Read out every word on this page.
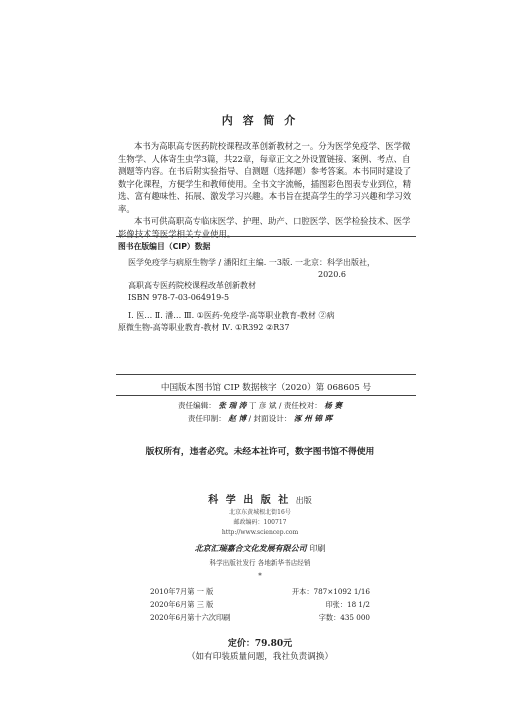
内 容 简 介

本书为高职高专医药院校课程改革创新教材之一。分为医学免疫学、医学微生物学、人体寄生虫学3篇，共22章，每章正文之外设置链接、案例、考点、自测题等内容。在书后附实验指导、自测题（选择题）参考答案。本书同时建设了数字化课程，方便学生和教师使用。全书文字流畅，插图彩色图表专业到位，精选、富有趣味性、拓展、激发学习兴趣。本书旨在提高学生的学习兴趣和学习效率。

本书可供高职高专临床医学、护理、助产、口腔医学、医学检验技术、医学影像技术等医学相关专业使用。

图书在版编目（CIP）数据
医学免疫学与病原生物学 / 潘阳红主编. 一3版. 一北京：科学出版社，
2020.6
高职高专医药院校课程改革创新教材
ISBN 978-7-03-064919-5
Ⅰ. 医… Ⅱ. 潘… Ⅲ. ①医药-免疫学-高等职业教育-教材 ②病
原微生物-高等职业教育-教材 Ⅳ. ①R392 ②R37
中国版本图书馆 CIP 数据核字（2020）第 068605 号
责任编辑： 张 瑞 涛 丁 彦 斌 / 责任校对： 杨 赛
责任印制： 赵 博 / 封面设计： 涿 州 锦 晖
版权所有，违者必究。未经本社许可，数字图书馆不得使用
科 学 出 版 社 出版
北京东黄城根北街16号
邮政编码：100717
http://www.sciencep.com
北京汇瑞嘉合文化发展有限公司 印刷
科学出版社发行 各地新华书店经销
*
2010年7月第 一 版	开本：787×1092 1/16
2020年6月第 三 版	印张：18 1/2
2020年6月第十六次印刷	字数：435 000
定价：79.80元
（如有印装质量问题，我社负责调换）
